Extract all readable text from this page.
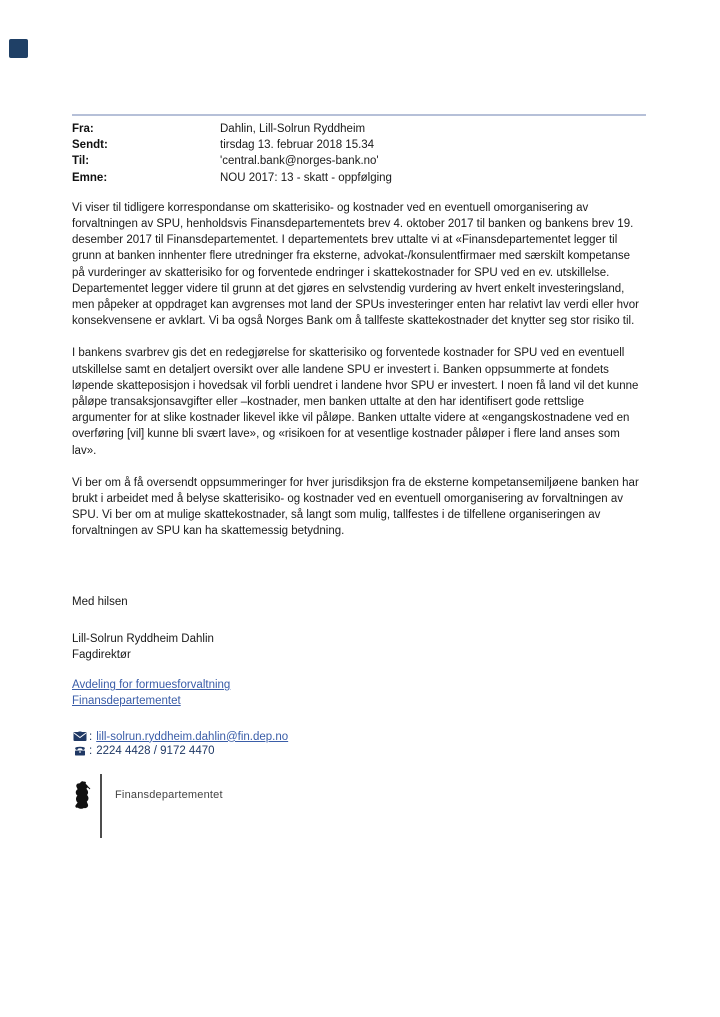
Fra:	Dahlin, Lill-Solrun Ryddheim
Sendt:	tirsdag 13. februar 2018 15.34
Til:	'central.bank@norges-bank.no'
Emne:	NOU 2017: 13 - skatt - oppfølging

Vi viser til tidligere korrespondanse om skatterisiko- og kostnader ved en eventuell omorganisering av forvaltningen av SPU, henholdsvis Finansdepartementets brev 4. oktober 2017 til banken og bankens brev 19. desember 2017 til Finansdepartementet. I departementets brev uttalte vi at «Finansdepartementet legger til grunn at banken innhenter flere utredninger fra eksterne, advokat-/konsulentfirmaer med særskilt kompetanse på vurderinger av skatterisiko for og forventede endringer i skattekostnader for SPU ved en ev. utskillelse. Departementet legger videre til grunn at det gjøres en selvstendig vurdering av hvert enkelt investeringsland, men påpeker at oppdraget kan avgrenses mot land der SPUs investeringer enten har relativt lav verdi eller hvor konsekvensene er avklart. Vi ba også Norges Bank om å tallfeste skattekostnader det knytter seg stor risiko til.

I bankens svarbrev gis det en redegjørelse for skatterisiko og forventede kostnader for SPU ved en eventuell utskillelse samt en detaljert oversikt over alle landene SPU er investert i. Banken oppsummerte at fondets løpende skatteposisjon i hovedsak vil forbli uendret i landene hvor SPU er investert. I noen få land vil det kunne påløpe transaksjonsavgifter eller –kostnader, men banken uttalte at den har identifisert gode rettslige argumenter for at slike kostnader likevel ikke vil påløpe. Banken uttalte videre at «engangskostnadene ved en overføring [vil] kunne bli svært lave», og «risikoen for at vesentlige kostnader påløper i flere land anses som lav».

Vi ber om å få oversendt oppsummeringer for hver jurisdiksjon fra de eksterne kompetansemiljøene banken har brukt i arbeidet med å belyse skatterisiko- og kostnader ved en eventuell omorganisering av forvaltningen av SPU. Vi ber om at mulige skattekostnader, så langt som mulig, tallfestes i de tilfellene organiseringen av forvaltningen av SPU kan ha skattemessig betydning.

Med hilsen
Lill-Solrun Ryddheim Dahlin
Fagdirektør
Avdeling for formuesforvaltning
Finansdepartementet
: lill-solrun.ryddheim.dahlin@fin.dep.no
: 2224 4428 / 9172 4470
Finansdepartementet
